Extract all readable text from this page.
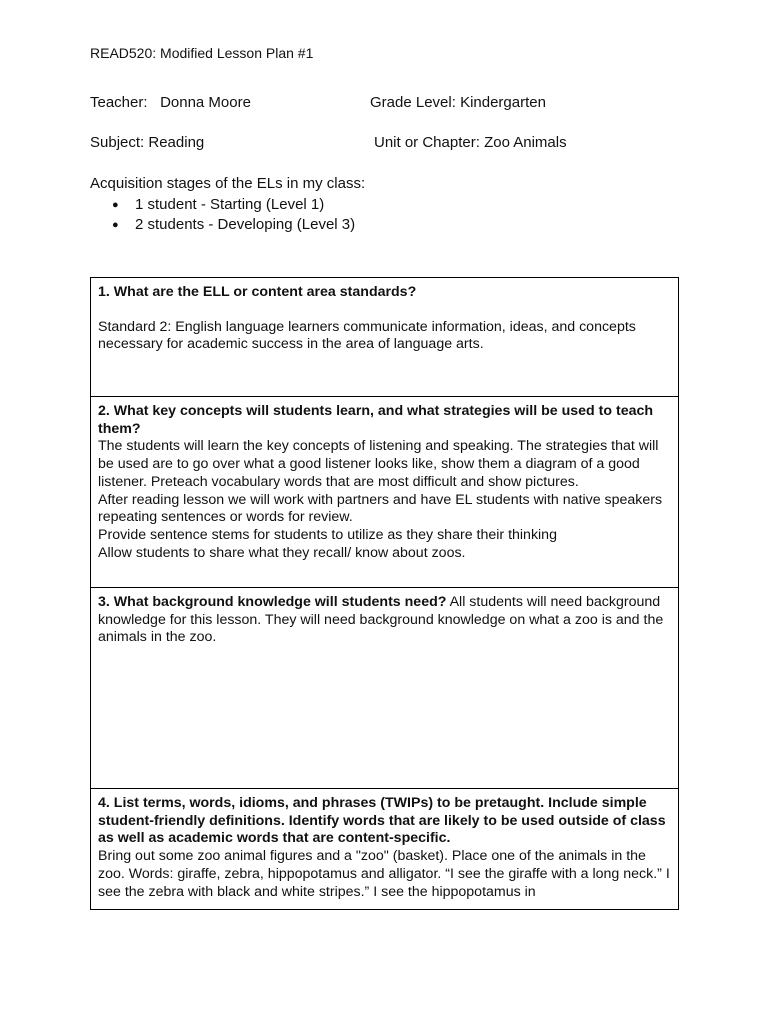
READ520: Modified Lesson Plan #1
Teacher: Donna Moore	Grade Level: Kindergarten
Subject: Reading	Unit or Chapter: Zoo Animals
Acquisition stages of the ELs in my class:
● 1 student - Starting (Level 1)
● 2 students - Developing (Level 3)
1. What are the ELL or content area standards?
Standard 2: English language learners communicate information, ideas, and concepts necessary for academic success in the area of language arts.

2. What key concepts will students learn, and what strategies will be used to teach them?
The students will learn the key concepts of listening and speaking. The strategies that will be used are to go over what a good listener looks like, show them a diagram of a good listener. Preteach vocabulary words that are most difficult and show pictures.
After reading lesson we will work with partners and have EL students with native speakers repeating sentences or words for review.
Provide sentence stems for students to utilize as they share their thinking
Allow students to share what they recall/ know about zoos.

3. What background knowledge will students need? All students will need background knowledge for this lesson. They will need background knowledge on what a zoo is and the animals in the zoo.

4. List terms, words, idioms, and phrases (TWIPs) to be pretaught. Include simple student-friendly definitions. Identify words that are likely to be used outside of class as well as academic words that are content-specific.
Bring out some zoo animal figures and a "zoo" (basket). Place one of the animals in the zoo. Words: giraffe, zebra, hippopotamus and alligator. “I see the giraffe with a long neck.” I see the zebra with black and white stripes.” I see the hippopotamus in
